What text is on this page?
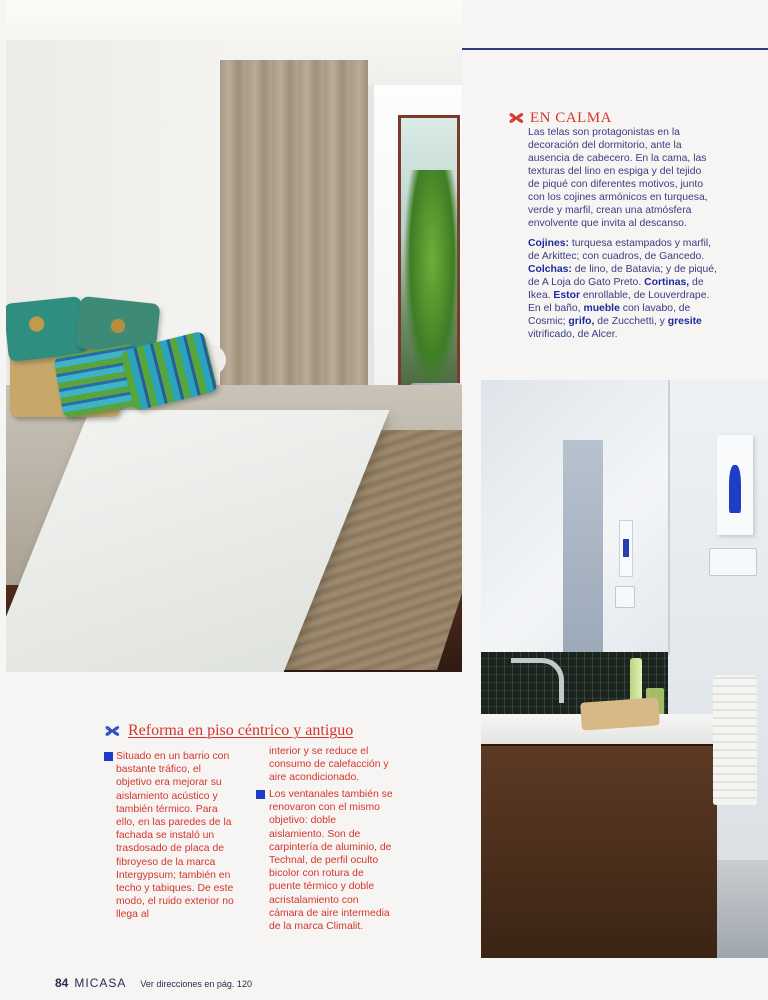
EN CALMA
Las telas son protagonistas en la decoración del dormitorio, ante la ausencia de cabecero. En la cama, las texturas del lino en espiga y del tejido de piqué con diferentes motivos, junto con los cojines armónicos en turquesa, verde y marfil, crean una atmósfera envolvente que invita al descanso.
Cojines: turquesa estampados y marfil, de Arkittec; con cuadros, de Gancedo. Colchas: de lino, de Batavia; y de piqué, de A Loja do Gato Preto. Cortinas, de Ikea. Estor enrollable, de Louverdrape. En el baño, mueble con lavabo, de Cosmic; grifo, de Zucchetti, y gresite vitrificado, de Alcer.
Reforma en piso céntrico y antiguo
Situado en un barrio con bastante tráfico, el objetivo era mejorar su aislamiento acústico y también térmico. Para ello, en las paredes de la fachada se instaló un trasdosado de placa de fibroyeso de la marca Intergypsum; también en techo y tabiques. De este modo, el ruido exterior no llega al
interior y se reduce el consumo de calefacción y aire acondicionado.
Los ventanales también se renovaron con el mismo objetivo: doble aislamiento. Son de carpintería de aluminio, de Technal, de perfil oculto bicolor con rotura de puente térmico y doble acristalamiento con cámara de aire intermedia de la marca Climalit.
84 MICASA Ver direcciones en pág. 120
